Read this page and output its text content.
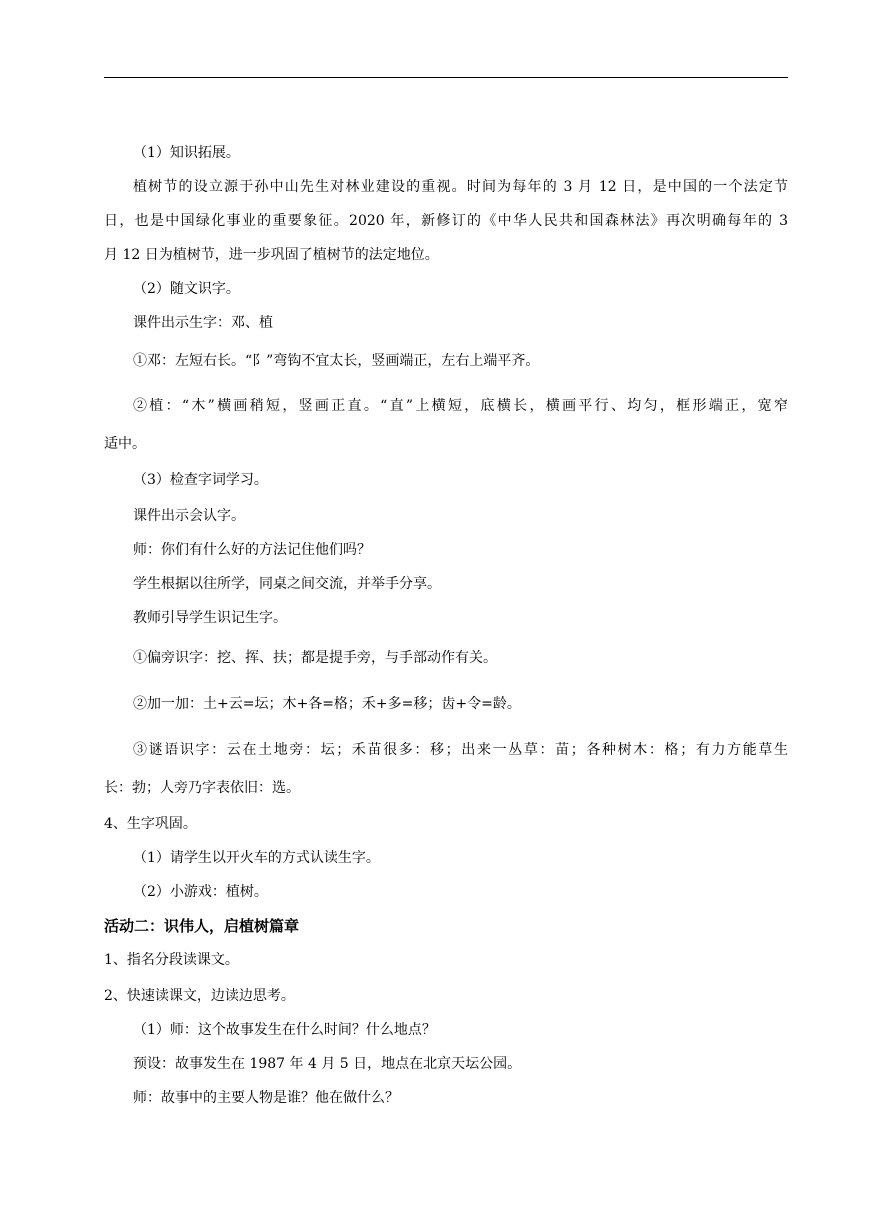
（1）知识拓展。
植树节的设立源于孙中山先生对林业建设的重视。时间为每年的 3 月 12 日，是中国的一个法定节
日，也是中国绿化事业的重要象征。2020 年，新修订的《中华人民共和国森林法》再次明确每年的 3
月 12 日为植树节，进一步巩固了植树节的法定地位。
（2）随文识字。
课件出示生字：邓、植
①邓：左短右长。“阝”弯钩不宜太长，竖画端正，左右上端平齐。
②植：“木”横画稍短，竖画正直。“直”上横短，底横长，横画平行、均匀，框形端正，宽窄
适中。
（3）检查字词学习。
课件出示会认字。
师：你们有什么好的方法记住他们吗？
学生根据以往所学，同桌之间交流，并举手分享。
教师引导学生识记生字。
①偏旁识字：挖、挥、扶；都是提手旁，与手部动作有关。
②加一加：土+云=坛；木+各=格；禾+多=移；齿+令=龄。
③谜语识字：云在土地旁：坛；禾苗很多：移；出来一丛草：苗；各种树木：格；有力方能草生
长：勃；人旁乃字表依旧：选。
4、生字巩固。
（1）请学生以开火车的方式认读生字。
（2）小游戏：植树。
活动二：识伟人，启植树篇章
1、指名分段读课文。
2、快速读课文，边读边思考。
（1）师：这个故事发生在什么时间？什么地点？
预设：故事发生在 1987 年 4 月 5 日，地点在北京天坛公园。
师：故事中的主要人物是谁？他在做什么？
